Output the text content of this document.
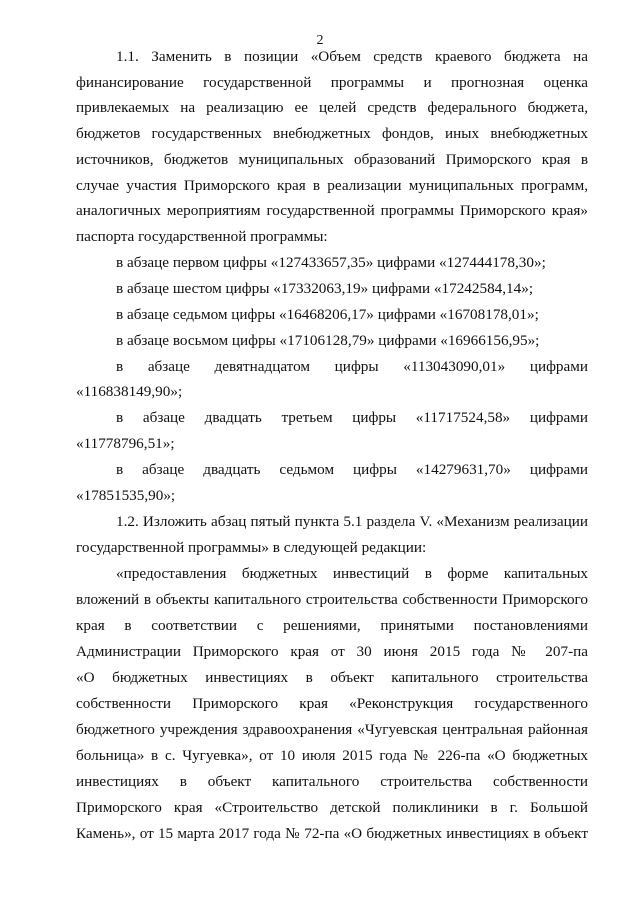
2
1.1. Заменить в позиции «Объем средств краевого бюджета на
финансирование государственной программы и прогнозная оценка
привлекаемых на реализацию ее целей средств федерального бюджета,
бюджетов государственных внебюджетных фондов, иных внебюджетных
источников, бюджетов муниципальных образований Приморского края в
случае участия Приморского края в реализации муниципальных программ,
аналогичных мероприятиям государственной программы Приморского края»
паспорта государственной программы:
в абзаце первом цифры «127433657,35» цифрами «127444178,30»;
в абзаце шестом цифры «17332063,19» цифрами «17242584,14»;
в абзаце седьмом цифры «16468206,17» цифрами «16708178,01»;
в абзаце восьмом цифры «17106128,79» цифрами «16966156,95»;
в абзаце девятнадцатом цифры «113043090,01» цифрами
«116838149,90»;
в абзаце двадцать третьем цифры «11717524,58» цифрами
«11778796,51»;
в абзаце двадцать седьмом цифры «14279631,70» цифрами
«17851535,90»;
1.2. Изложить абзац пятый пункта 5.1 раздела V. «Механизм реализации
государственной программы» в следующей редакции:
«предоставления бюджетных инвестиций в форме капитальных
вложений в объекты капитального строительства собственности Приморского
края в соответствии с решениями, принятыми постановлениями
Администрации Приморского края от 30 июня 2015 года № 207-па
«О бюджетных инвестициях в объект капитального строительства
собственности Приморского края «Реконструкция государственного
бюджетного учреждения здравоохранения «Чугуевская центральная районная
больница» в с. Чугуевка», от 10 июля 2015 года № 226-па «О бюджетных
инвестициях в объект капитального строительства собственности
Приморского края «Строительство детской поликлиники в г. Большой
Камень», от 15 марта 2017 года № 72-па «О бюджетных инвестициях в объект
